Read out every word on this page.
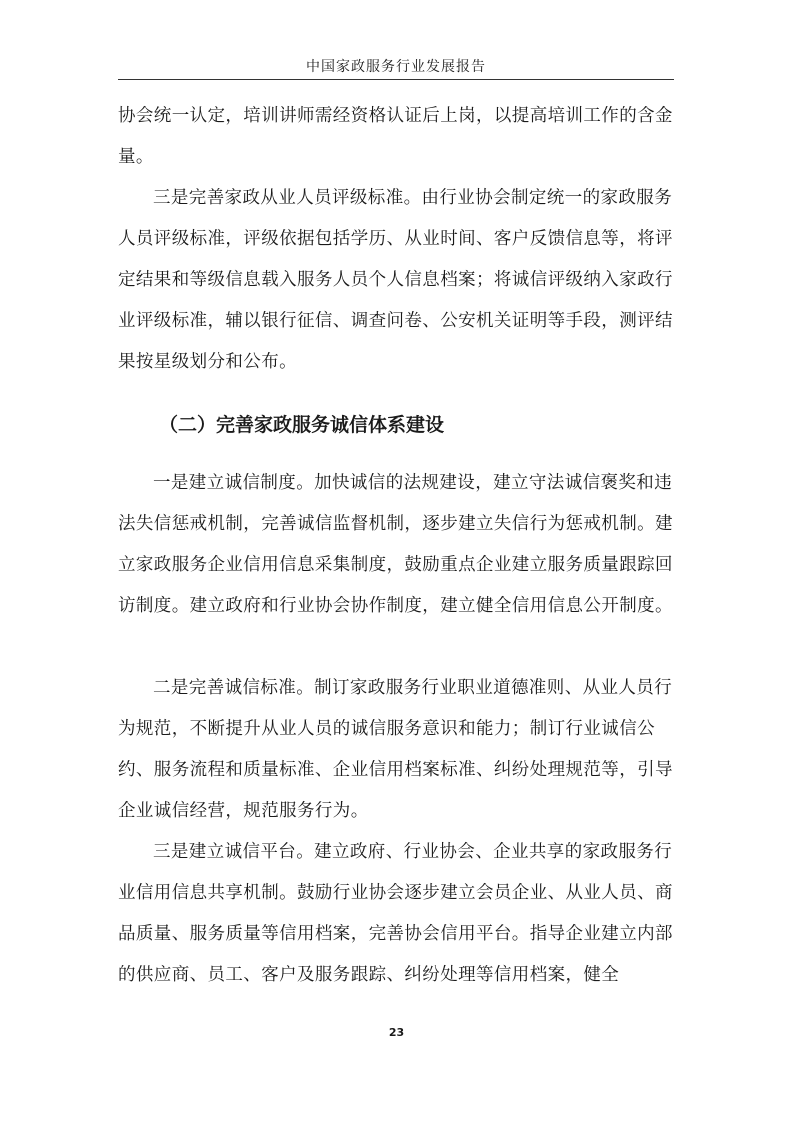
中国家政服务行业发展报告

协会统一认定，培训讲师需经资格认证后上岗，以提高培训工作的含金量。

三是完善家政从业人员评级标准。由行业协会制定统一的家政服务人员评级标准，评级依据包括学历、从业时间、客户反馈信息等，将评定结果和等级信息载入服务人员个人信息档案；将诚信评级纳入家政行业评级标准，辅以银行征信、调查问卷、公安机关证明等手段，测评结果按星级划分和公布。

（二）完善家政服务诚信体系建设

一是建立诚信制度。加快诚信的法规建设，建立守法诚信褒奖和违法失信惩戒机制，完善诚信监督机制，逐步建立失信行为惩戒机制。建立家政服务企业信用信息采集制度，鼓励重点企业建立服务质量跟踪回访制度。建立政府和行业协会协作制度，建立健全信用信息公开制度。

二是完善诚信标准。制订家政服务行业职业道德准则、从业人员行为规范，不断提升从业人员的诚信服务意识和能力；制订行业诚信公约、服务流程和质量标准、企业信用档案标准、纠纷处理规范等，引导企业诚信经营，规范服务行为。

三是建立诚信平台。建立政府、行业协会、企业共享的家政服务行业信用信息共享机制。鼓励行业协会逐步建立会员企业、从业人员、商品质量、服务质量等信用档案，完善协会信用平台。指导企业建立内部的供应商、员工、客户及服务跟踪、纠纷处理等信用档案，健全

23
